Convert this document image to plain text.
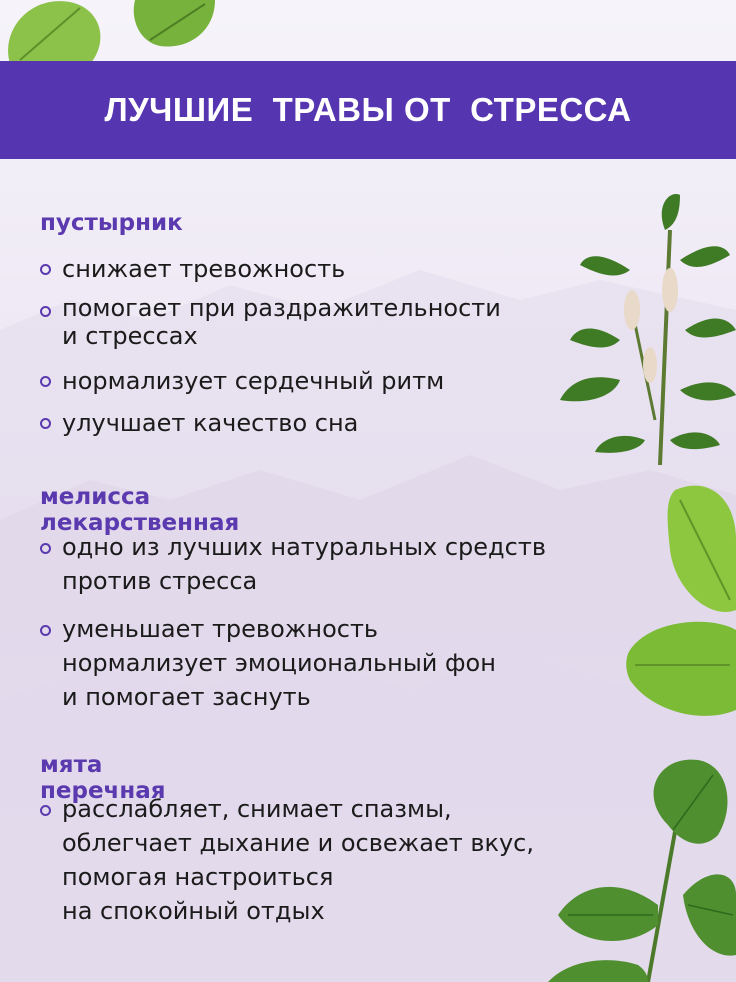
ЛУЧШИЕ  ТРАВЫ ОТ  СТРЕССА
пустырник
снижает тревожность
помогает при раздражительности
и стрессах
нормализует сердечный ритм
улучшает качество сна
мелисса лекарственная
одно из лучших натуральных средств
против стресса
уменьшает тревожность
нормализует эмоциональный фон
и помогает заснуть
мята перечная
расслабляет, снимает спазмы,
облегчает дыхание и освежает вкус,
помогая настроиться
на спокойный отдых
